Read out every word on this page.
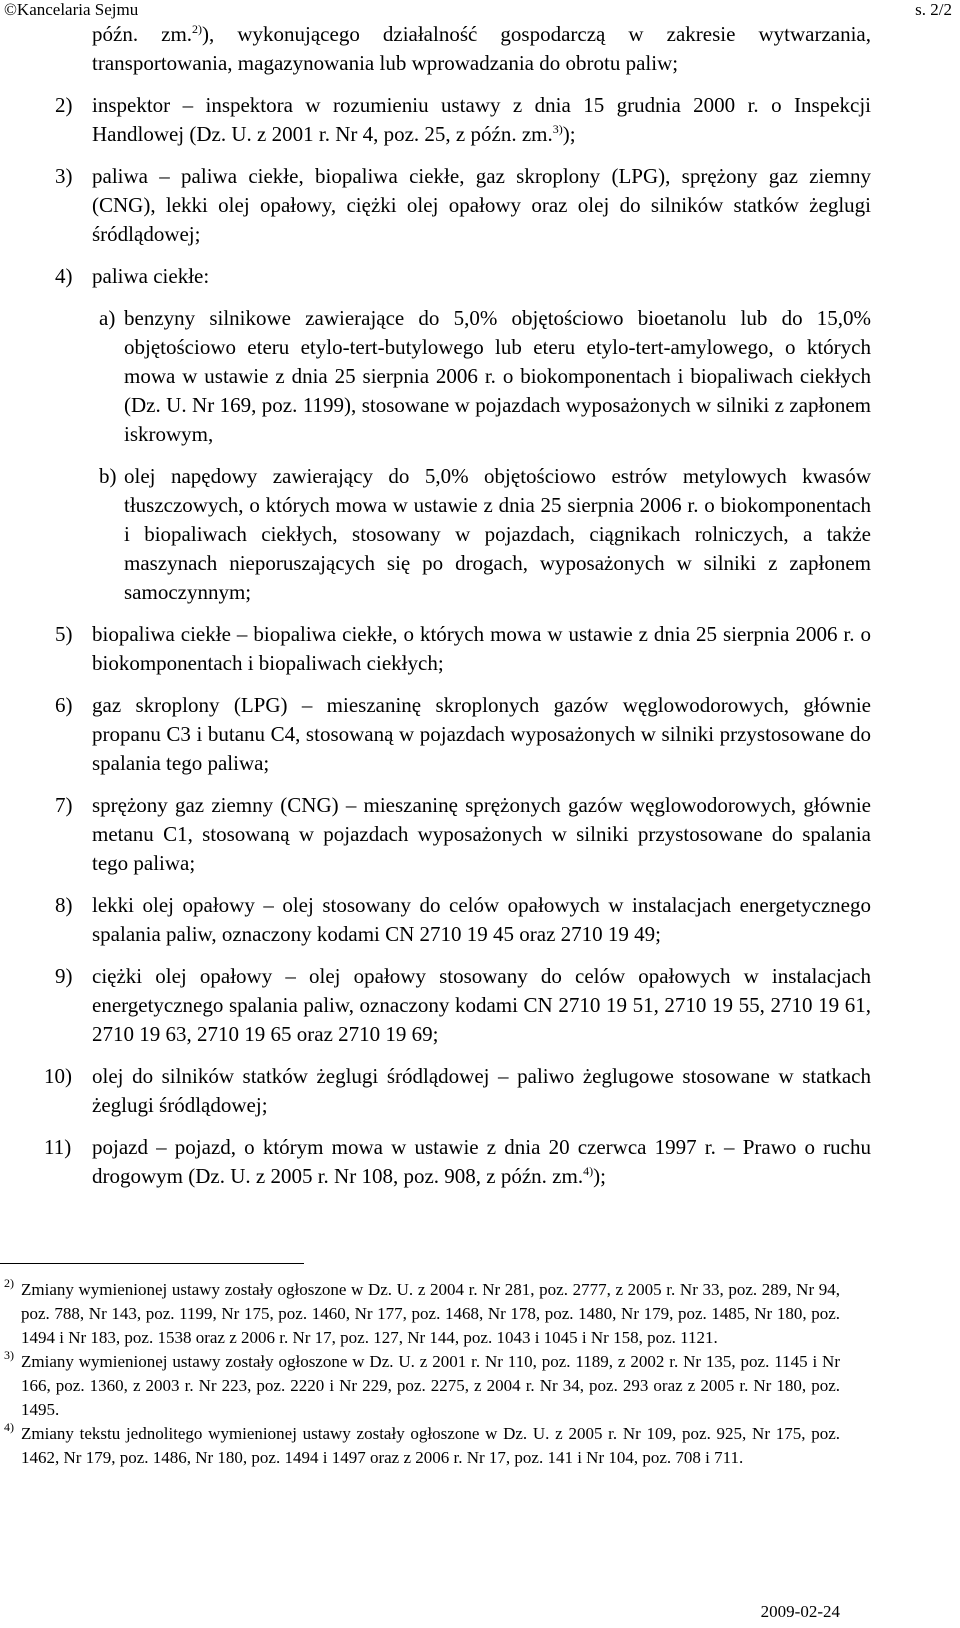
©Kancelaria Sejmu	s. 2/2
późn. zm.$^{2)}$), wykonującego działalność gospodarczą w zakresie wytwarzania, transportowania, magazynowania lub wprowadzania do obrotu paliw;
2) inspektor – inspektora w rozumieniu ustawy z dnia 15 grudnia 2000 r. o Inspekcji Handlowej (Dz. U. z 2001 r. Nr 4, poz. 25, z późn. zm.$^{3)}$);
3) paliwa – paliwa ciekłe, biopaliwa ciekłe, gaz skroplony (LPG), sprężony gaz ziemny (CNG), lekki olej opałowy, ciężki olej opałowy oraz olej do silników statków żeglugi śródlądowej;
4) paliwa ciekłe:
a) benzyny silnikowe zawierające do 5,0% objętościowo bioetanolu lub do 15,0% objętościowo eteru etylo-tert-butylowego lub eteru etylo-tert-amylowego, o których mowa w ustawie z dnia 25 sierpnia 2006 r. o biokomponentach i biopaliwach ciekłych (Dz. U. Nr 169, poz. 1199), stosowane w pojazdach wyposażonych w silniki z zapłonem iskrowym,
b) olej napędowy zawierający do 5,0% objętościowo estrów metylowych kwasów tłuszczowych, o których mowa w ustawie z dnia 25 sierpnia 2006 r. o biokomponentach i biopaliwach ciekłych, stosowany w pojazdach, ciągnikach rolniczych, a także maszynach nieporuszających się po drogach, wyposażonych w silniki z zapłonem samoczynnym;
5) biopaliwa ciekłe – biopaliwa ciekłe, o których mowa w ustawie z dnia 25 sierpnia 2006 r. o biokomponentach i biopaliwach ciekłych;
6) gaz skroplony (LPG) – mieszaninę skroplonych gazów węglowodorowych, głównie propanu C3 i butanu C4, stosowaną w pojazdach wyposażonych w silniki przystosowane do spalania tego paliwa;
7) sprężony gaz ziemny (CNG) – mieszaninę sprężonych gazów węglowodorowych, głównie metanu C1, stosowaną w pojazdach wyposażonych w silniki przystosowane do spalania tego paliwa;
8) lekki olej opałowy – olej stosowany do celów opałowych w instalacjach energetycznego spalania paliw, oznaczony kodami CN 2710 19 45 oraz 2710 19 49;
9) ciężki olej opałowy – olej opałowy stosowany do celów opałowych w instalacjach energetycznego spalania paliw, oznaczony kodami CN 2710 19 51, 2710 19 55, 2710 19 61, 2710 19 63, 2710 19 65 oraz 2710 19 69;
10) olej do silników statków żeglugi śródlądowej – paliwo żeglugowe stosowane w statkach żeglugi śródlądowej;
11) pojazd – pojazd, o którym mowa w ustawie z dnia 20 czerwca 1997 r. – Prawo o ruchu drogowym (Dz. U. z 2005 r. Nr 108, poz. 908, z późn. zm.$^{4)}$);
2) Zmiany wymienionej ustawy zostały ogłoszone w Dz. U. z 2004 r. Nr 281, poz. 2777, z 2005 r. Nr 33, poz. 289, Nr 94, poz. 788, Nr 143, poz. 1199, Nr 175, poz. 1460, Nr 177, poz. 1468, Nr 178, poz. 1480, Nr 179, poz. 1485, Nr 180, poz. 1494 i Nr 183, poz. 1538 oraz z 2006 r. Nr 17, poz. 127, Nr 144, poz. 1043 i 1045 i Nr 158, poz. 1121.
3) Zmiany wymienionej ustawy zostały ogłoszone w Dz. U. z 2001 r. Nr 110, poz. 1189, z 2002 r. Nr 135, poz. 1145 i Nr 166, poz. 1360, z 2003 r. Nr 223, poz. 2220 i Nr 229, poz. 2275, z 2004 r. Nr 34, poz. 293 oraz z 2005 r. Nr 180, poz. 1495.
4) Zmiany tekstu jednolitego wymienionej ustawy zostały ogłoszone w Dz. U. z 2005 r. Nr 109, poz. 925, Nr 175, poz. 1462, Nr 179, poz. 1486, Nr 180, poz. 1494 i 1497 oraz z 2006 r. Nr 17, poz. 141 i Nr 104, poz. 708 i 711.
2009-02-24
